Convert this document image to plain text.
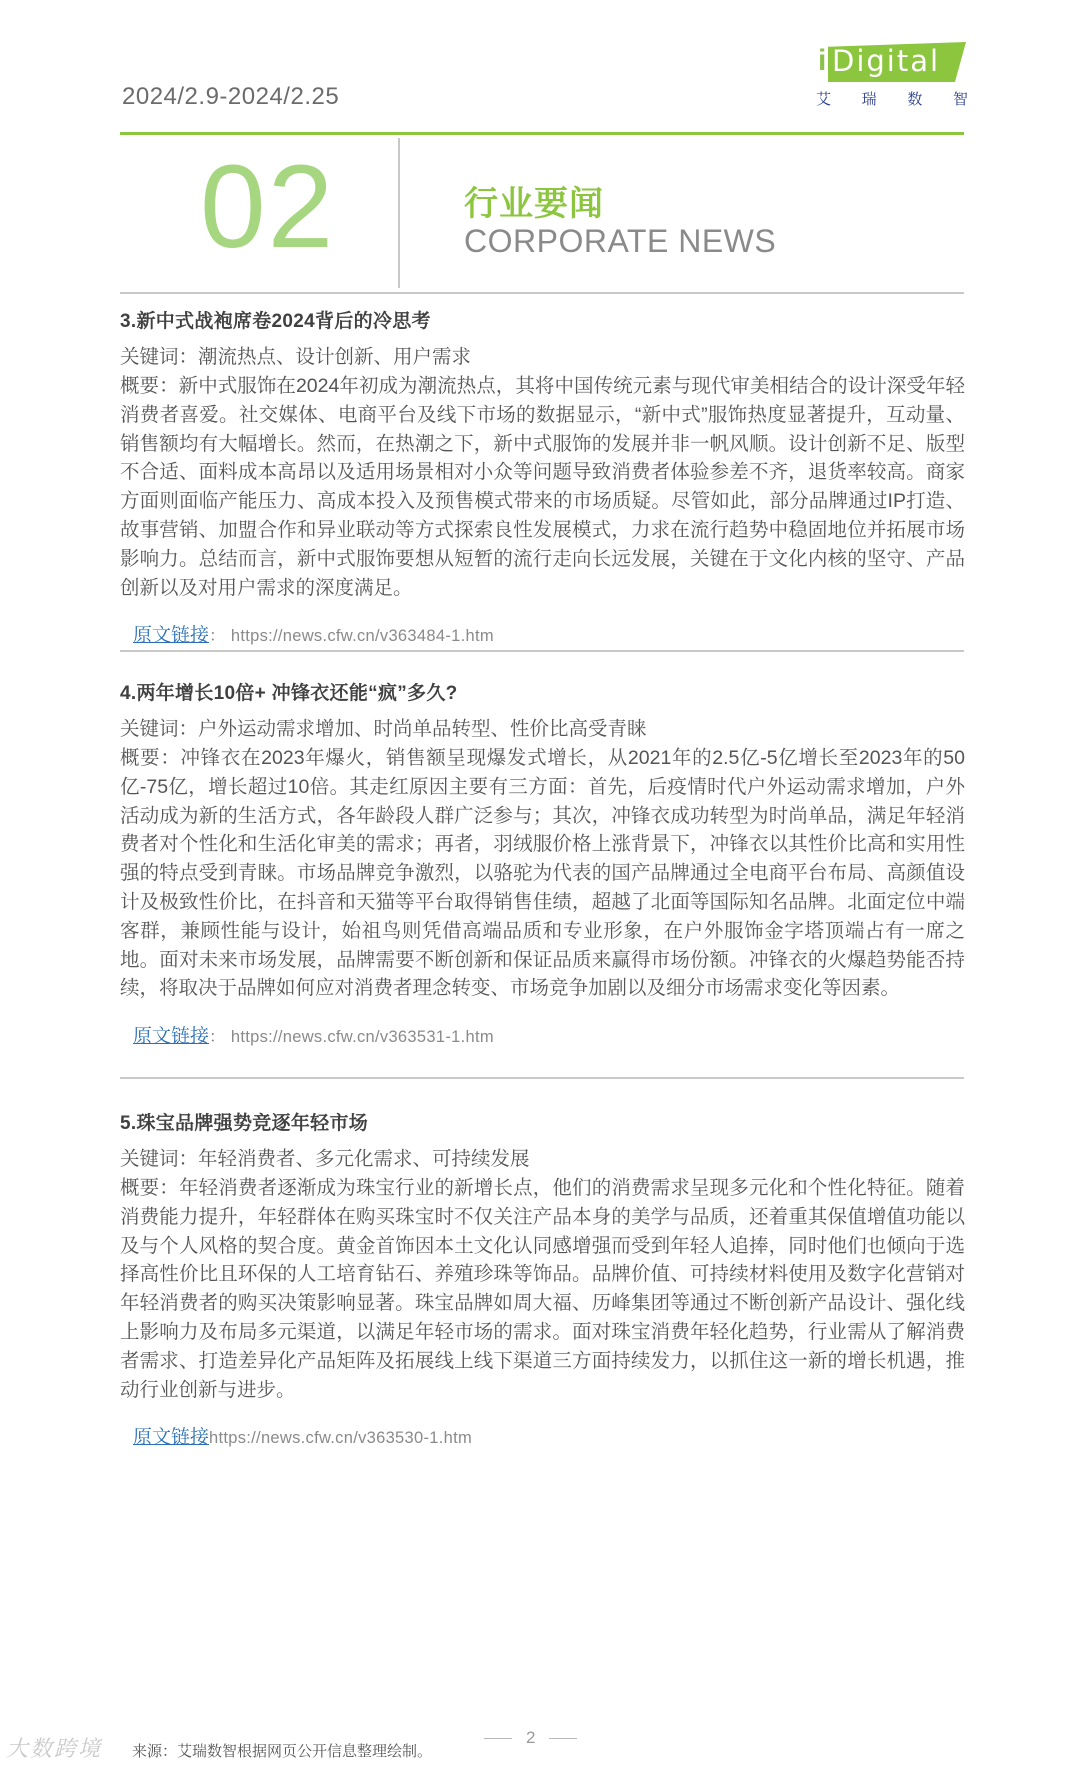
2024/2.9-2024/2.25
i Digital
艾 瑞 数 智
02	行业要闻
CORPORATE NEWS

3.新中式战袍席卷2024背后的冷思考

关键词：潮流热点、设计创新、用户需求

概要：新中式服饰在2024年初成为潮流热点，其将中国传统元素与现代审美相结合的设计深受年轻消费者喜爱。社交媒体、电商平台及线下市场的数据显示，“新中式”服饰热度显著提升，互动量、销售额均有大幅增长。然而，在热潮之下，新中式服饰的发展并非一帆风顺。设计创新不足、版型不合适、面料成本高昂以及适用场景相对小众等问题导致消费者体验参差不齐，退货率较高。商家方面则面临产能压力、高成本投入及预售模式带来的市场质疑。尽管如此，部分品牌通过IP打造、故事营销、加盟合作和异业联动等方式探索良性发展模式，力求在流行趋势中稳固地位并拓展市场影响力。总结而言，新中式服饰要想从短暂的流行走向长远发展，关键在于文化内核的坚守、产品创新以及对用户需求的深度满足。

原文链接： https://news.cfw.cn/v363484-1.htm

4.两年增长10倍+ 冲锋衣还能“疯”多久?

关键词：户外运动需求增加、时尚单品转型、性价比高受青睐

概要：冲锋衣在2023年爆火，销售额呈现爆发式增长，从2021年的2.5亿-5亿增长至2023年的50亿-75亿，增长超过10倍。其走红原因主要有三方面：首先，后疫情时代户外运动需求增加，户外活动成为新的生活方式，各年龄段人群广泛参与；其次，冲锋衣成功转型为时尚单品，满足年轻消费者对个性化和生活化审美的需求；再者，羽绒服价格上涨背景下，冲锋衣以其性价比高和实用性强的特点受到青睐。市场品牌竞争激烈，以骆驼为代表的国产品牌通过全电商平台布局、高颜值设计及极致性价比，在抖音和天猫等平台取得销售佳绩，超越了北面等国际知名品牌。北面定位中端客群，兼顾性能与设计，始祖鸟则凭借高端品质和专业形象，在户外服饰金字塔顶端占有一席之地。面对未来市场发展，品牌需要不断创新和保证品质来赢得市场份额。冲锋衣的火爆趋势能否持续，将取决于品牌如何应对消费者理念转变、市场竞争加剧以及细分市场需求变化等因素。

原文链接： https://news.cfw.cn/v363531-1.htm

5.珠宝品牌强势竞逐年轻市场

关键词：年轻消费者、多元化需求、可持续发展

概要：年轻消费者逐渐成为珠宝行业的新增长点，他们的消费需求呈现多元化和个性化特征。随着消费能力提升，年轻群体在购买珠宝时不仅关注产品本身的美学与品质，还着重其保值增值功能以及与个人风格的契合度。黄金首饰因本土文化认同感增强而受到年轻人追捧，同时他们也倾向于选择高性价比且环保的人工培育钻石、养殖珍珠等饰品。品牌价值、可持续材料使用及数字化营销对年轻消费者的购买决策影响显著。珠宝品牌如周大福、历峰集团等通过不断创新产品设计、强化线上影响力及布局多元渠道，以满足年轻市场的需求。面对珠宝消费年轻化趋势，行业需从了解消费者需求、打造差异化产品矩阵及拓展线上线下渠道三方面持续发力，以抓住这一新的增长机遇，推动行业创新与进步。

原文链接https://news.cfw.cn/v363530-1.htm
2
大数跨境 来源：艾瑞数智根据网页公开信息整理绘制。
